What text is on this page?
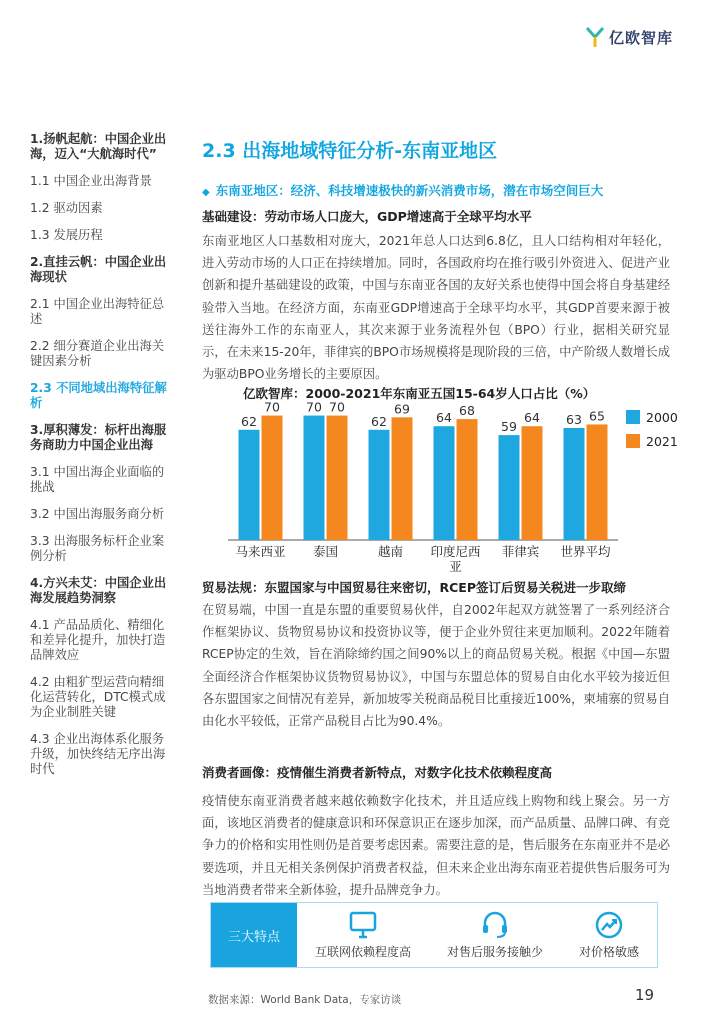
亿欧智库
1.扬帆起航：中国企业出海，迈入“大航海时代”
1.1 中国企业出海背景
1.2 驱动因素
1.3 发展历程
2.直挂云帆：中国企业出海现状
2.1 中国企业出海特征总述
2.2 细分赛道企业出海关键因素分析
2.3 不同地域出海特征解析
3.厚积薄发：标杆出海服务商助力中国企业出海
3.1 中国出海企业面临的挑战
3.2 中国出海服务商分析
3.3 出海服务标杆企业案例分析
4.方兴未艾：中国企业出海发展趋势洞察
4.1 产品品质化、精细化和差异化提升，加快打造品牌效应
4.2 由粗犷型运营向精细化运营转化，DTC模式成为企业制胜关键
4.3 企业出海体系化服务升级，加快终结无序出海时代
2.3 出海地域特征分析-东南亚地区
◆ 东南亚地区：经济、科技增速极快的新兴消费市场，潜在市场空间巨大
基础建设：劳动市场人口庞大，GDP增速高于全球平均水平

东南亚地区人口基数相对庞大，2021年总人口达到6.8亿，且人口结构相对年轻化，进入劳动市场的人口正在持续增加。同时，各国政府均在推行吸引外资进入、促进产业创新和提升基础建设的政策，中国与东南亚各国的友好关系也使得中国会将自身基建经验带入当地。在经济方面，东南亚GDP增速高于全球平均水平，其GDP首要来源于被送往海外工作的东南亚人，其次来源于业务流程外包（BPO）行业，据相关研究显示，在未来15-20年，菲律宾的BPO市场规模将是现阶段的三倍，中产阶级人数增长成为驱动BPO业务增长的主要原因。

亿欧智库：2000-2021年东南亚五国15-64岁人口占比（%）
62
70
马来西亚
70 70
泰国
62
69
越南
64 68
印度尼西
亚
59
64
菲律宾
63 65
世界平均
2000
2021
贸易法规：东盟国家与中国贸易往来密切，RCEP签订后贸易关税进一步取缔

在贸易端，中国一直是东盟的重要贸易伙伴，自2002年起双方就签署了一系列经济合作框架协议、货物贸易协议和投资协议等，便于企业外贸往来更加顺利。2022年随着RCEP协定的生效，旨在消除缔约国之间90%以上的商品贸易关税。根据《中国—东盟全面经济合作框架协议货物贸易协议》，中国与东盟总体的贸易自由化水平较为接近但各东盟国家之间情况有差异，新加坡零关税商品税目比重接近100%，柬埔寨的贸易自由化水平较低，正常产品税目占比为90.4%。

消费者画像：疫情催生消费者新特点，对数字化技术依赖程度高

疫情使东南亚消费者越来越依赖数字化技术，并且适应线上购物和线上聚会。另一方面，该地区消费者的健康意识和环保意识正在逐步加深，而产品质量、品牌口碑、有竞争力的价格和实用性则仍是首要考虑因素。需要注意的是，售后服务在东南亚并不是必要选项，并且无相关条例保护消费者权益，但未来企业出海东南亚若提供售后服务可为当地消费者带来全新体验，提升品牌竞争力。

三大特点
互联网依赖程度高	对售后服务接触少	对价格敏感
数据来源：World Bank Data，专家访谈	19
